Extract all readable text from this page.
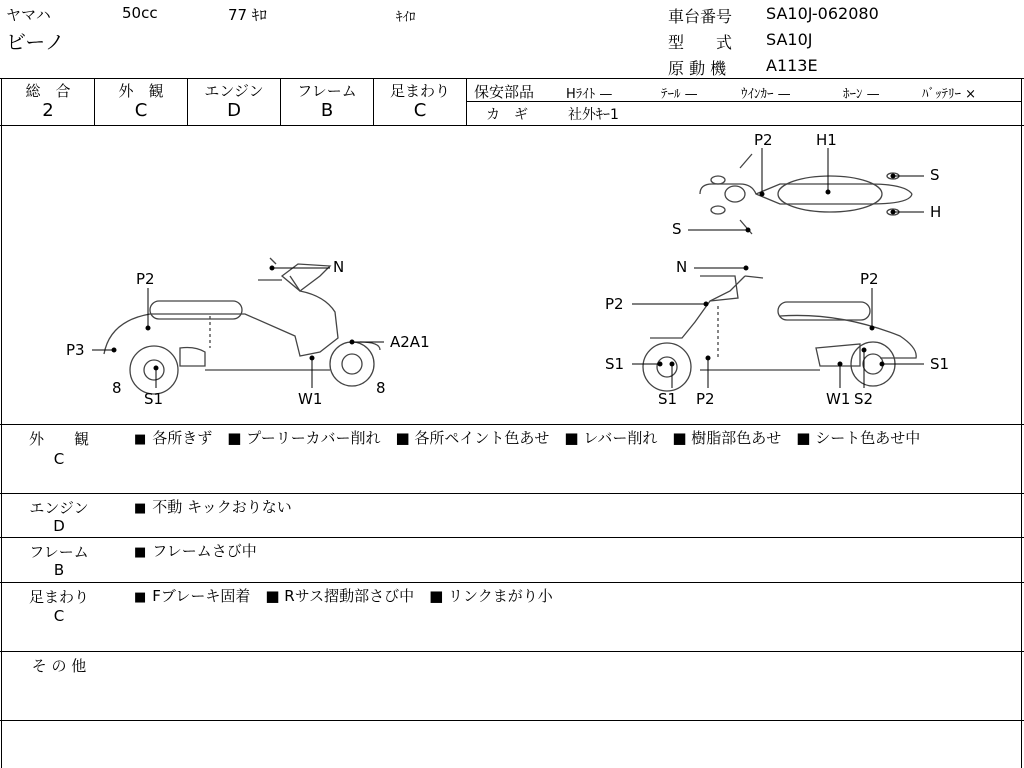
ヤマハ	50cc	77 ｷﾛ	ｷｲﾛ
ビーノ
車台番号 SA10J-062080
型　　式 SA10J
原 動 機 A113E
総　合
2
外　観
C
エンジン
D
フレーム
B
足まわり
C
保安部品 Hﾗｲﾄ —	ﾃｰﾙ —	ｳｲﾝｶｰ —	ﾎｰﾝ —	ﾊﾞｯﾃﾘｰ ×
カ　ギ	社外ｷｰ1
P2	H1
S
H
S
N
P2
P3	A2A1
8	8
S1	W1
N
P2
P2
S1	S1
S1 P2	W1 S2
外　　観
C
■ 各所きず　■ プーリーカバー削れ　■ 各所ペイント色あせ　■ レバー削れ　■ 樹脂部色あせ　■ シート色あせ中
エンジン
D
■ 不動 キックおりない
フレーム
B
■ フレームさび中
足まわり
C
■ Fブレーキ固着　■ Rサス摺動部さび中　■ リンクまがり小
そ の 他
